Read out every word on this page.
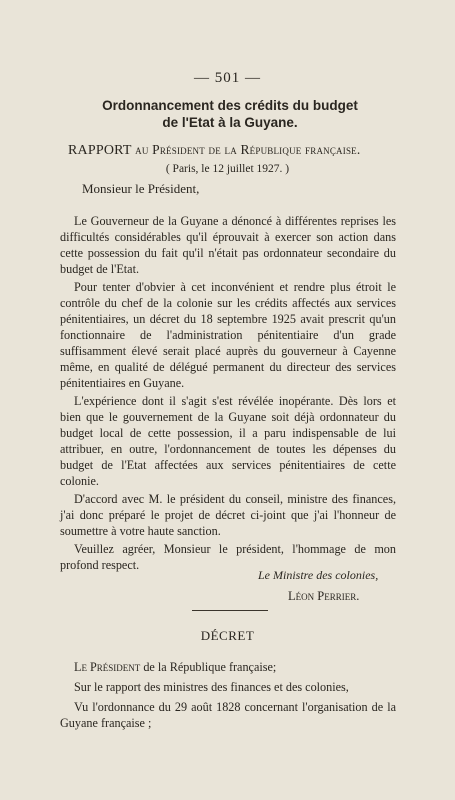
— 501 —
Ordonnancement des crédits du budget
de l'Etat à la Guyane.
RAPPORT au Président de la République française.
( Paris, le 12 juillet 1927. )
Monsieur le Président,

Le Gouverneur de la Guyane a dénoncé à différentes reprises les difficultés considérables qu'il éprouvait à exercer son action dans cette possession du fait qu'il n'était pas ordonnateur secondaire du budget de l'Etat.

Pour tenter d'obvier à cet inconvénient et rendre plus étroit le contrôle du chef de la colonie sur les crédits affectés aux services pénitentiaires, un décret du 18 septembre 1925 avait prescrit qu'un fonctionnaire de l'administration pénitentiaire d'un grade suffisamment élevé serait placé auprès du gouverneur à Cayenne même, en qualité de délégué permanent du directeur des services pénitentiaires en Guyane.

L'expérience dont il s'agit s'est révélée inopérante. Dès lors et bien que le gouvernement de la Guyane soit déjà ordonnateur du budget local de cette possession, il a paru indispensable de lui attribuer, en outre, l'ordonnancement de toutes les dépenses du budget de l'Etat affectées aux services pénitentiaires de cette colonie.

D'accord avec M. le président du conseil, ministre des finances, j'ai donc préparé le projet de décret ci-joint que j'ai l'honneur de soumettre à votre haute sanction.

Veuillez agréer, Monsieur le président, l'hommage de mon profond respect.

Le Ministre des colonies,
Léon Perrier.
DÉCRET

Le Président de la République française;

Sur le rapport des ministres des finances et des colonies,

Vu l'ordonnance du 29 août 1828 concernant l'organisation de la Guyane française ;
